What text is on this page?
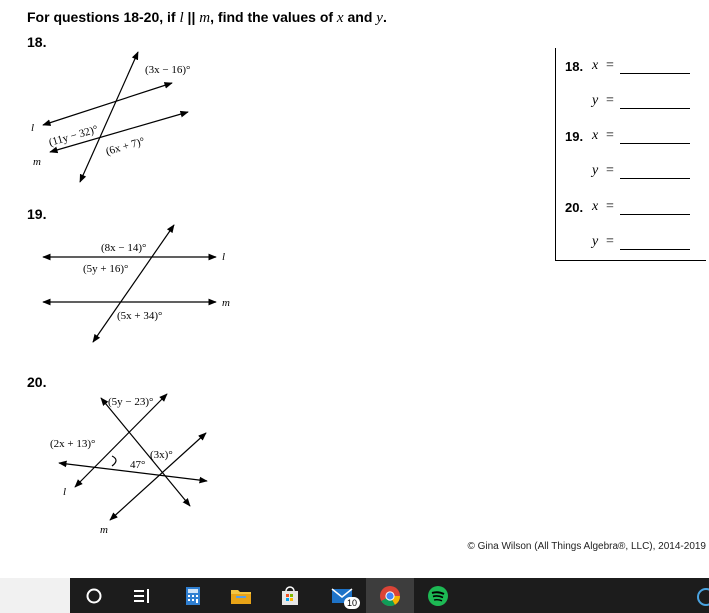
For questions 18-20, if l || m, find the values of x and y.
18.
19.
20.
(3x − 16)°
(11y − 32)° (6x + 7)°
l
m
(8x − 14)°
(5y + 16)°
(5x + 34)°
l
m
(5y − 23)°
(2x + 13)°
47°
(3x)°
l
m
18. x =
y =
19. x =
y =
20. x =
y =
© Gina Wilson (All Things Algebra®, LLC), 2014-2019
10
